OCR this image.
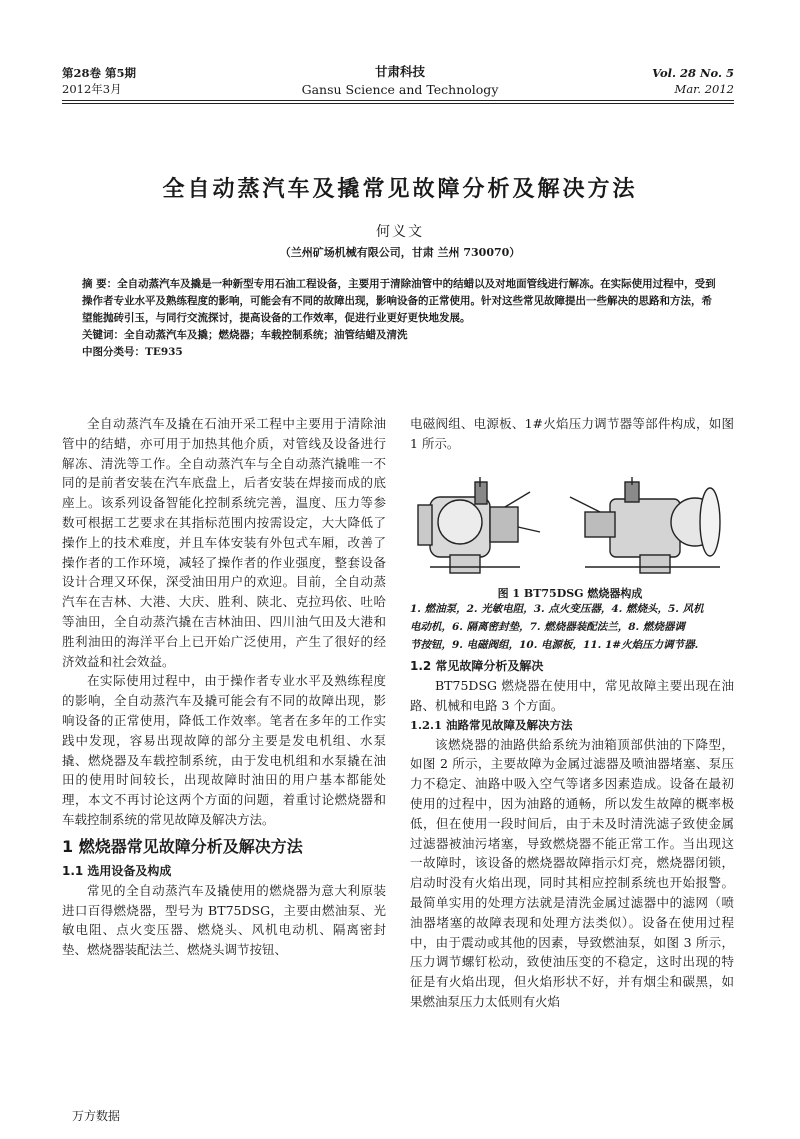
第28卷 第5期
2012年3月
甘肃科技
Gansu Science and Technology
Vol. 28 No. 5
Mar. 2012
全自动蒸汽车及撬常见故障分析及解决方法
何义文
（兰州矿场机械有限公司，甘肃 兰州 730070）

摘 要：全自动蒸汽车及撬是一种新型专用石油工程设备，主要用于清除油管中的结蜡以及对地面管线进行解冻。在实际使用过程中，受到操作者专业水平及熟练程度的影响，可能会有不同的故障出现，影响设备的正常使用。针对这些常见故障提出一些解决的思路和方法，希望能抛砖引玉，与同行交流探讨，提高设备的工作效率，促进行业更好更快地发展。

关键词：全自动蒸汽车及撬；燃烧器；车载控制系统；油管结蜡及清洗

中图分类号：TE935

全自动蒸汽车及撬在石油开采工程中主要用于清除油管中的结蜡，亦可用于加热其他介质，对管线及设备进行解冻、清洗等工作。全自动蒸汽车与全自动蒸汽撬唯一不同的是前者安装在汽车底盘上，后者安装在焊接而成的底座上。该系列设备智能化控制系统完善，温度、压力等参数可根据工艺要求在其指标范围内按需设定，大大降低了操作上的技术难度，并且车体安装有外包式车厢，改善了操作者的工作环境，减轻了操作者的作业强度，整套设备设计合理又环保，深受油田用户的欢迎。目前，全自动蒸汽车在吉林、大港、大庆、胜利、陕北、克拉玛依、吐哈等油田，全自动蒸汽撬在吉林油田、四川油气田及大港和胜利油田的海洋平台上已开始广泛使用，产生了很好的经济效益和社会效益。

在实际使用过程中，由于操作者专业水平及熟练程度的影响，全自动蒸汽车及撬可能会有不同的故障出现，影响设备的正常使用，降低工作效率。笔者在多年的工作实践中发现，容易出现故障的部分主要是发电机组、水泵撬、燃烧器及车载控制系统，由于发电机组和水泵撬在油田的使用时间较长，出现故障时油田的用户基本都能处理，本文不再讨论这两个方面的问题，着重讨论燃烧器和车载控制系统的常见故障及解决方法。

1 燃烧器常见故障分析及解决方法
1.1 选用设备及构成

常见的全自动蒸汽车及撬使用的燃烧器为意大利原装进口百得燃烧器，型号为 BT75DSG，主要由燃油泵、光敏电阻、点火变压器、燃烧头、风机电动机、隔离密封垫、燃烧器装配法兰、燃烧头调节按钮、

电磁阀组、电源板、1#火焰压力调节器等部件构成，如图 1 所示。

图 1 BT75DSG 燃烧器构成

1. 燃油泵，2. 光敏电阻，3. 点火变压器，4. 燃烧头，5. 风机

电动机，6. 隔离密封垫，7. 燃烧器装配法兰，8. 燃烧器调

节按钮，9. 电磁阀组，10. 电源板，11. 1#火焰压力调节器.

1.2 常见故障分析及解决

BT75DSG 燃烧器在使用中，常见故障主要出现在油路、机械和电路 3 个方面。

1.2.1 油路常见故障及解决方法

该燃烧器的油路供給系统为油箱顶部供油的下降型，如图 2 所示，主要故障为金属过滤器及喷油器堵塞、泵压力不稳定、油路中吸入空气等诸多因素造成。设备在最初使用的过程中，因为油路的通畅，所以发生故障的概率极低，但在使用一段时间后，由于未及时清洗滤子致使金属过滤器被油污堵塞，导致燃烧器不能正常工作。当出现这一故障时，该设备的燃烧器故障指示灯亮，燃烧器闭锁，启动时没有火焰出现，同时其相应控制系统也开始报警。最简单实用的处理方法就是清洗金属过滤器中的滤网（喷油器堵塞的故障表现和处理方法类似）。设备在使用过程中，由于震动或其他的因素，导致燃油泵，如图 3 所示，压力调节螺钉松动，致使油压变的不稳定，这时出现的特征是有火焰出现，但火焰形状不好，并有烟尘和碳黑，如果燃油泵压力太低则有火焰

万方数据
